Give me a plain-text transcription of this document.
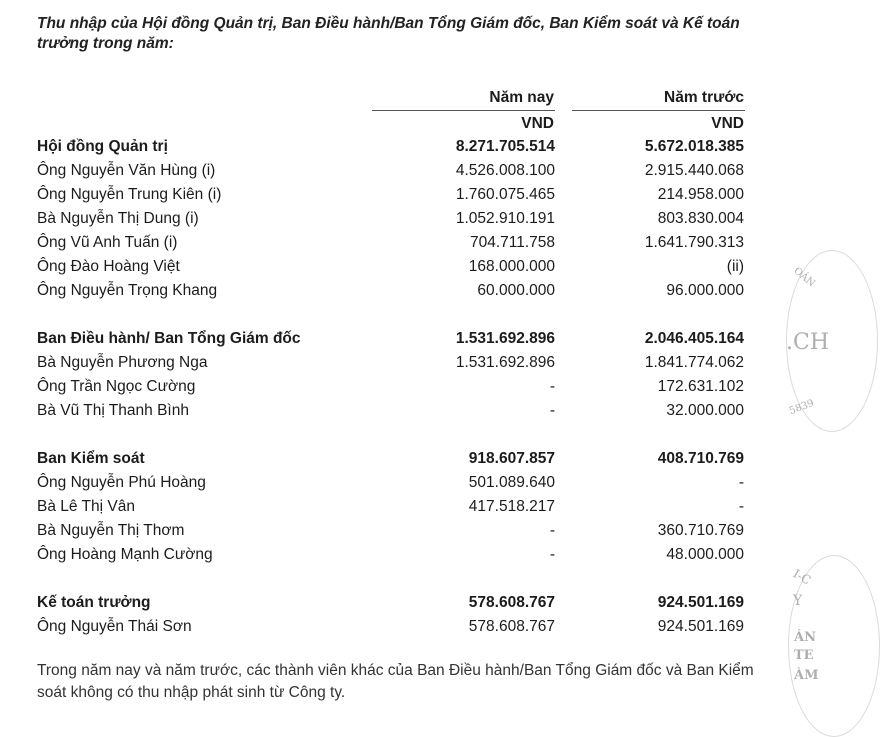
Thu nhập của Hội đồng Quản trị, Ban Điều hành/Ban Tổng Giám đốc, Ban Kiểm soát và Kế toán trưởng trong năm:
Năm nay	Năm trước
VND	VND
Hội đồng Quản trị	8.271.705.514	5.672.018.385
Ông Nguyễn Văn Hùng (i)	4.526.008.100	2.915.440.068
Ông Nguyễn Trung Kiên (i)	1.760.075.465	214.958.000
Bà Nguyễn Thị Dung (i)	1.052.910.191	803.830.004
Ông Vũ Anh Tuấn (i)	704.711.758	1.641.790.313
Ông Đào Hoàng Việt	168.000.000	(ii)
Ông Nguyễn Trọng Khang	60.000.000	96.000.000
Ban Điều hành/ Ban Tổng Giám đốc	1.531.692.896	2.046.405.164
Bà Nguyễn Phương Nga	1.531.692.896	1.841.774.062
Ông Trần Ngọc Cường	-	172.631.102
Bà Vũ Thị Thanh Bình	-	32.000.000
Ban Kiểm soát	918.607.857	408.710.769
Ông Nguyễn Phú Hoàng	501.089.640	-
Bà Lê Thị Vân	417.518.217	-
Bà Nguyễn Thị Thơm	-	360.710.769
Ông Hoàng Mạnh Cường	-	48.000.000
Kế toán trưởng	578.608.767	924.501.169
Ông Nguyễn Thái Sơn	578.608.767	924.501.169
Trong năm nay và năm trước, các thành viên khác của Ban Điều hành/Ban Tổng Giám đốc và Ban Kiểm soát không có thu nhập phát sinh từ Công ty.
OÁN
.CH
5839
I-C
Y
ÁN
TE
ÀM
